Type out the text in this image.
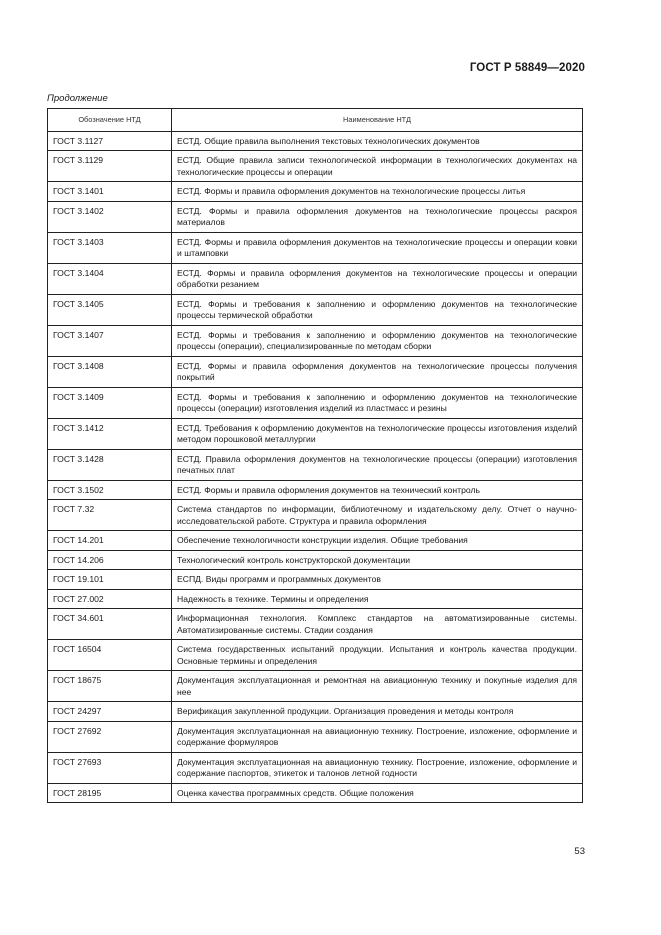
ГОСТ Р 58849—2020
Продолжение
Обозначение НТД	Наименование НТД
ГОСТ 3.1127	ЕСТД. Общие правила выполнения текстовых технологических документов
ГОСТ 3.1129	ЕСТД. Общие правила записи технологической информации в технологических документах на технологические процессы и операции
ГОСТ 3.1401	ЕСТД. Формы и правила оформления документов на технологические процессы литья
ГОСТ 3.1402	ЕСТД. Формы и правила оформления документов на технологические процессы раскроя материалов
ГОСТ 3.1403	ЕСТД. Формы и правила оформления документов на технологические процессы и операции ковки и штамповки
ГОСТ 3.1404	ЕСТД. Формы и правила оформления документов на технологические процессы и операции обработки резанием
ГОСТ 3.1405	ЕСТД. Формы и требования к заполнению и оформлению документов на технологические процессы термической обработки
ГОСТ 3.1407	ЕСТД. Формы и требования к заполнению и оформлению документов на технологические процессы (операции), специализированные по методам сборки
ГОСТ 3.1408	ЕСТД. Формы и правила оформления документов на технологические процессы получения покрытий
ГОСТ 3.1409	ЕСТД. Формы и требования к заполнению и оформлению документов на технологические процессы (операции) изготовления изделий из пластмасс и резины
ГОСТ 3.1412	ЕСТД. Требования к оформлению документов на технологические процессы изготовления изделий методом порошковой металлургии
ГОСТ 3.1428	ЕСТД. Правила оформления документов на технологические процессы (операции) изготовления печатных плат
ГОСТ 3.1502	ЕСТД. Формы и правила оформления документов на технический контроль
ГОСТ 7.32	Система стандартов по информации, библиотечному и издательскому делу. Отчет о научно-исследовательской работе. Структура и правила оформления
ГОСТ 14.201	Обеспечение технологичности конструкции изделия. Общие требования
ГОСТ 14.206	Технологический контроль конструкторской документации
ГОСТ 19.101	ЕСПД. Виды программ и программных документов
ГОСТ 27.002	Надежность в технике. Термины и определения
ГОСТ 34.601	Информационная технология. Комплекс стандартов на автоматизированные системы. Автоматизированные системы. Стадии создания
ГОСТ 16504	Система государственных испытаний продукции. Испытания и контроль качества продукции. Основные термины и определения
ГОСТ 18675	Документация эксплуатационная и ремонтная на авиационную технику и покупные изделия для нее
ГОСТ 24297	Верификация закупленной продукции. Организация проведения и методы контроля
ГОСТ 27692	Документация эксплуатационная на авиационную технику. Построение, изложение, оформление и содержание формуляров
ГОСТ 27693	Документация эксплуатационная на авиационную технику. Построение, изложение, оформление и содержание паспортов, этикеток и талонов летной годности
ГОСТ 28195	Оценка качества программных средств. Общие положения
53
